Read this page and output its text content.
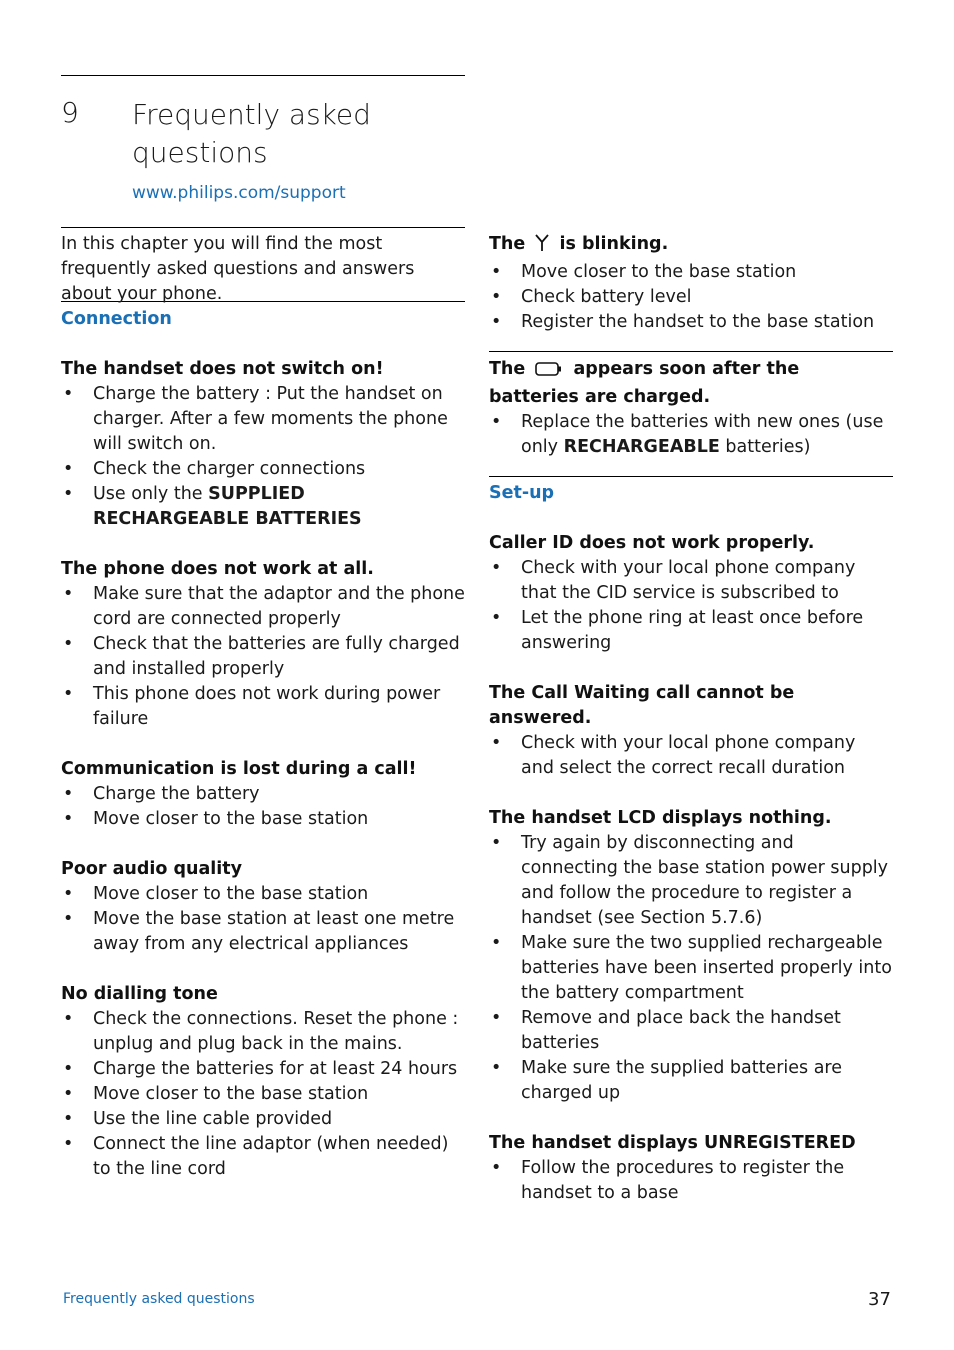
9 Frequently asked questions
www.philips.com/support

In this chapter you will find the most frequently asked questions and answers about your phone.

Connection

The handset does not switch on!

• Charge the battery : Put the handset on charger. After a few moments the phone will switch on.

• Check the charger connections

• Use only the SUPPLIED RECHARGEABLE BATTERIES

The phone does not work at all.

• Make sure that the adaptor and the phone cord are connected properly

• Check that the batteries are fully charged and installed properly

• This phone does not work during power failure

Communication is lost during a call!

• Charge the battery

• Move closer to the base station

Poor audio quality

• Move closer to the base station

• Move the base station at least one metre away from any electrical appliances

No dialling tone

• Check the connections. Reset the phone : unplug and plug back in the mains.

• Charge the batteries for at least 24 hours

• Move closer to the base station

• Use the line cable provided

• Connect the line adaptor (when needed) to the line cord

The is blinking.

• Move closer to the base station

• Check battery level

• Register the handset to the base station

The	appears soon after the batteries are charged.

• Replace the batteries with new ones (use only RECHARGEABLE batteries)

Set-up

Caller ID does not work properly.

• Check with your local phone company that the CID service is subscribed to

• Let the phone ring at least once before answering

The Call Waiting call cannot be answered.

• Check with your local phone company and select the correct recall duration

The handset LCD displays nothing.

• Try again by disconnecting and connecting the base station power supply and follow the procedure to register a handset (see Section 5.7.6)

• Make sure the two supplied rechargeable batteries have been inserted properly into the battery compartment

• Remove and place back the handset batteries

• Make sure the supplied batteries are charged up

The handset displays UNREGISTERED

• Follow the procedures to register the handset to a base

Frequently asked questions	37
